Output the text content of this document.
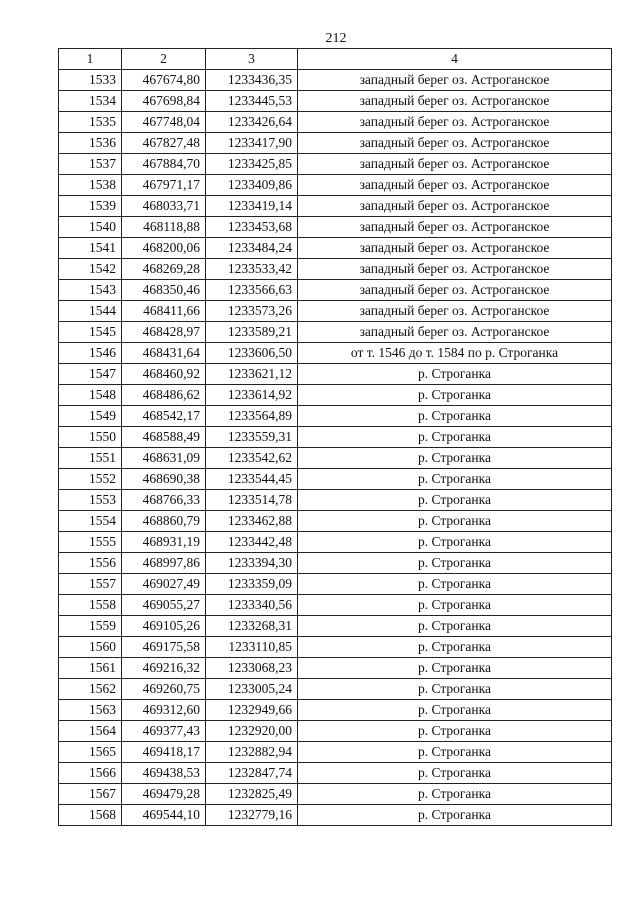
212
1	2	3	4
1533	467674,80	1233436,35	западный берег оз. Астроганское
1534	467698,84	1233445,53	западный берег оз. Астроганское
1535	467748,04	1233426,64	западный берег оз. Астроганское
1536	467827,48	1233417,90	западный берег оз. Астроганское
1537	467884,70	1233425,85	западный берег оз. Астроганское
1538	467971,17	1233409,86	западный берег оз. Астроганское
1539	468033,71	1233419,14	западный берег оз. Астроганское
1540	468118,88	1233453,68	западный берег оз. Астроганское
1541	468200,06	1233484,24	западный берег оз. Астроганское
1542	468269,28	1233533,42	западный берег оз. Астроганское
1543	468350,46	1233566,63	западный берег оз. Астроганское
1544	468411,66	1233573,26	западный берег оз. Астроганское
1545	468428,97	1233589,21	западный берег оз. Астроганское
1546	468431,64	1233606,50	от т. 1546 до т. 1584 по р. Строганка
1547	468460,92	1233621,12	р. Строганка
1548	468486,62	1233614,92	р. Строганка
1549	468542,17	1233564,89	р. Строганка
1550	468588,49	1233559,31	р. Строганка
1551	468631,09	1233542,62	р. Строганка
1552	468690,38	1233544,45	р. Строганка
1553	468766,33	1233514,78	р. Строганка
1554	468860,79	1233462,88	р. Строганка
1555	468931,19	1233442,48	р. Строганка
1556	468997,86	1233394,30	р. Строганка
1557	469027,49	1233359,09	р. Строганка
1558	469055,27	1233340,56	р. Строганка
1559	469105,26	1233268,31	р. Строганка
1560	469175,58	1233110,85	р. Строганка
1561	469216,32	1233068,23	р. Строганка
1562	469260,75	1233005,24	р. Строганка
1563	469312,60	1232949,66	р. Строганка
1564	469377,43	1232920,00	р. Строганка
1565	469418,17	1232882,94	р. Строганка
1566	469438,53	1232847,74	р. Строганка
1567	469479,28	1232825,49	р. Строганка
1568	469544,10	1232779,16	р. Строганка
